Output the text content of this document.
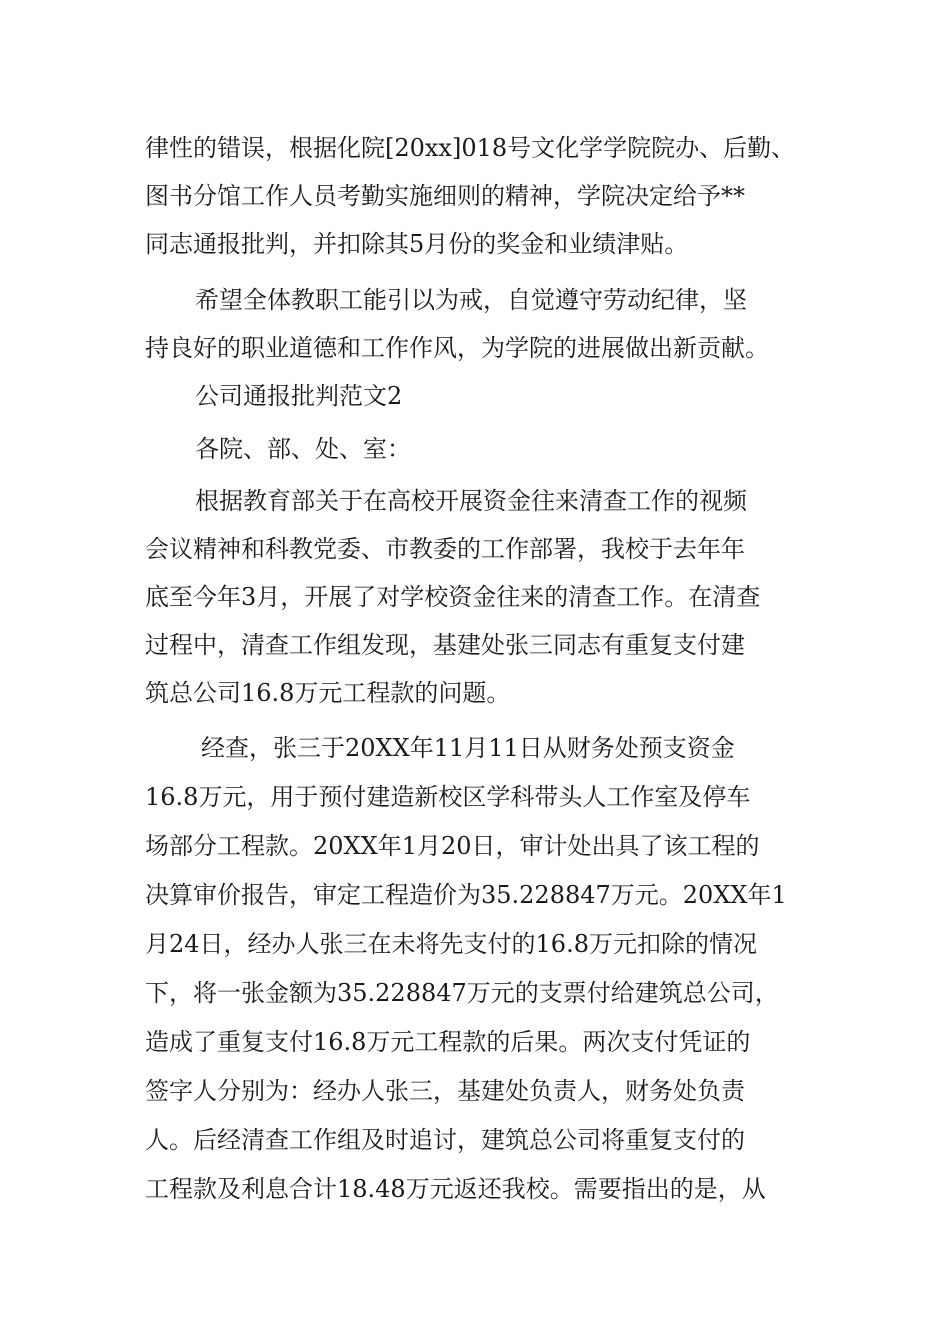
律性的错误，根据化院[20xx]018号文化学学院院办、后勤、
图书分馆工作人员考勤实施细则的精神，学院决定给予**
同志通报批判，并扣除其5月份的奖金和业绩津贴。
希望全体教职工能引以为戒，自觉遵守劳动纪律，坚
持良好的职业道德和工作作风，为学院的进展做出新贡献。
公司通报批判范文2
各院、部、处、室：
根据教育部关于在高校开展资金往来清查工作的视频
会议精神和科教党委、市教委的工作部署，我校于去年年
底至今年3月，开展了对学校资金往来的清查工作。在清查
过程中，清查工作组发现，基建处张三同志有重复支付建
筑总公司16.8万元工程款的问题。
经查，张三于20XX年11月11日从财务处预支资金
16.8万元，用于预付建造新校区学科带头人工作室及停车
场部分工程款。20XX年1月20日，审计处出具了该工程的
决算审价报告，审定工程造价为35.228847万元。20XX年1
月24日，经办人张三在未将先支付的16.8万元扣除的情况
下，将一张金额为35.228847万元的支票付给建筑总公司，
造成了重复支付16.8万元工程款的后果。两次支付凭证的
签字人分别为：经办人张三，基建处负责人，财务处负责
人。后经清查工作组及时追讨，建筑总公司将重复支付的
工程款及利息合计18.48万元返还我校。需要指出的是，从
